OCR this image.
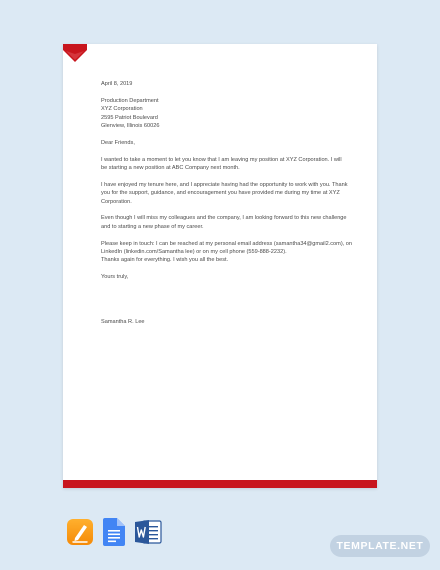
April 8, 2019

Production Department

XYZ Corporation

2595 Patriot Boulevard

Glenview, Illinois 60026

Dear Friends,

I wanted to take a moment to let you know that I am leaving my position at XYZ Corporation. I will

be starting a new position at ABC Company next month.

I have enjoyed my tenure here, and I appreciate having had the opportunity to work with you. Thank

you for the support, guidance, and encouragement you have provided me during my time at XYZ

Corporation.

Even though I will miss my colleagues and the company, I am looking forward to this new challenge

and to starting a new phase of my career.

Please keep in touch: I can be reached at my personal email address (samantha34@gmail2.com), on

LinkedIn (linkedin.com/Samantha lee) or on my cell phone (559-888-2232).

Thanks again for everything. I wish you all the best.

Yours truly,

Samantha R. Lee

TEMPLATE.NET
